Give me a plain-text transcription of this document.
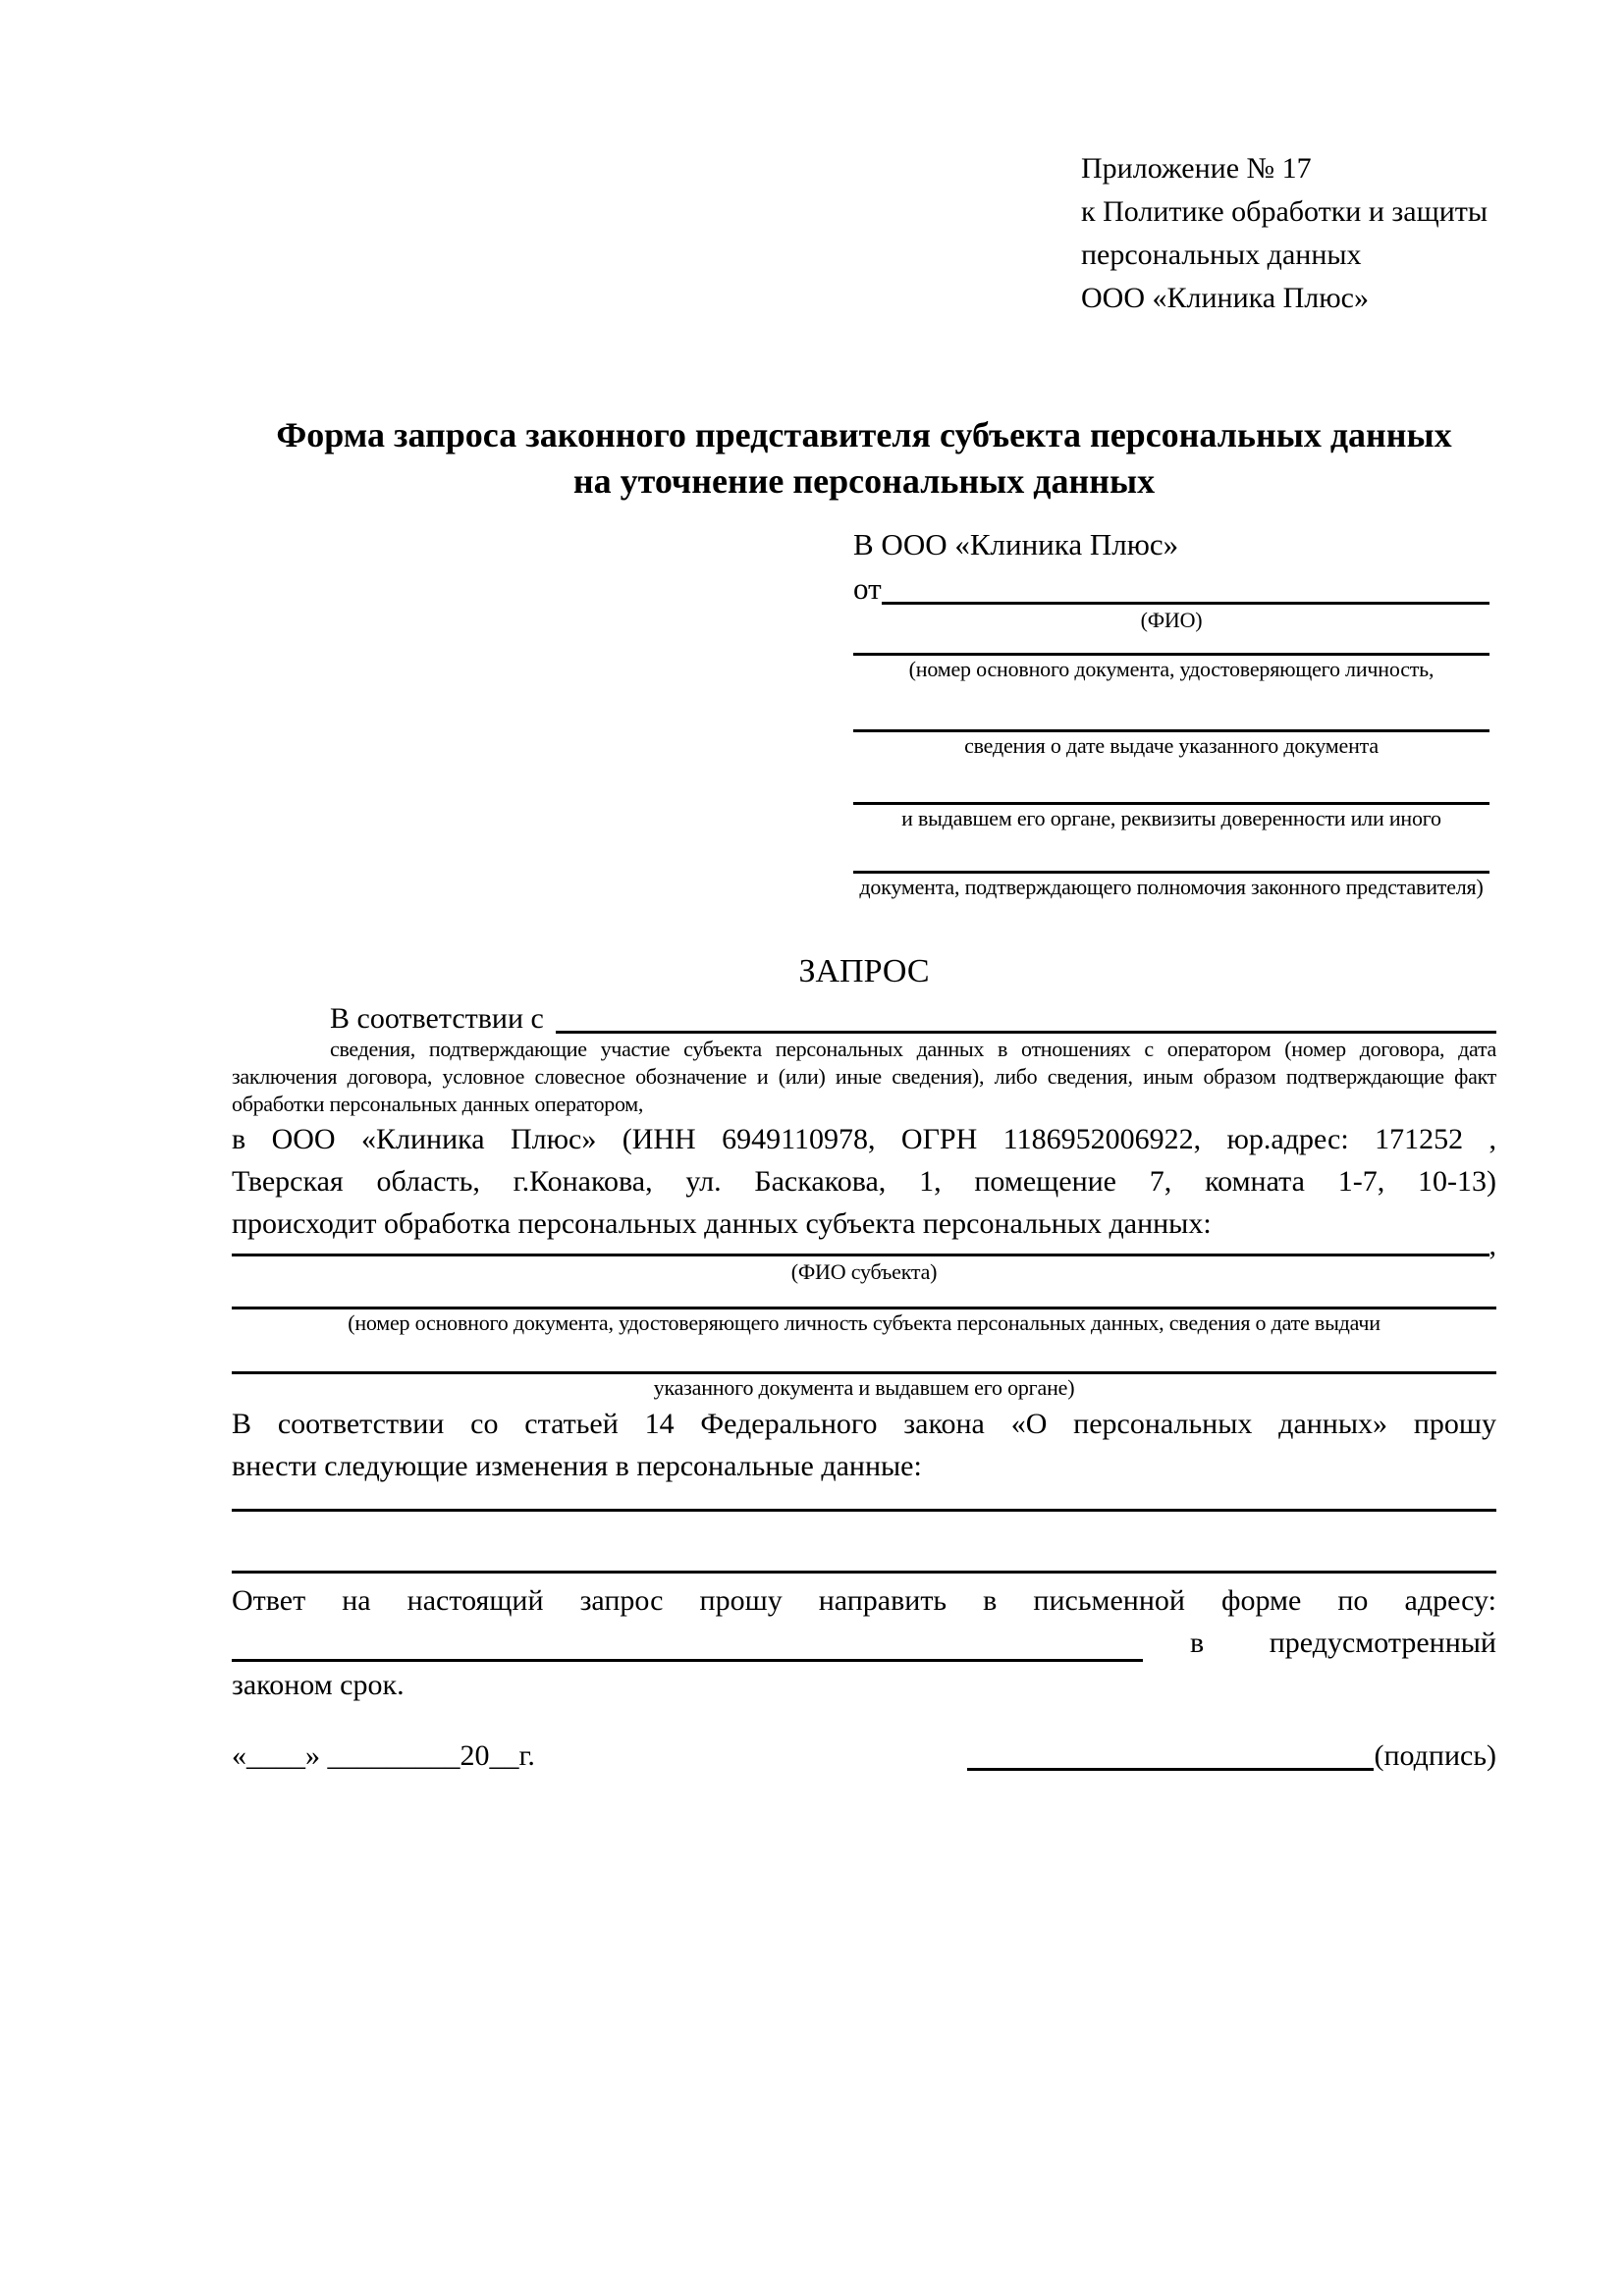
Приложение № 17
к Политике обработки и защиты
персональных данных
ООО «Клиника Плюс»
Форма запроса законного представителя субъекта персональных данных
на уточнение персональных данных
В ООО «Клиника Плюс»
от
(ФИО)
(номер основного документа, удостоверяющего личность,
сведения о дате выдаче указанного документа
и выдавшем его органе, реквизиты доверенности или иного
документа, подтверждающего полномочия законного представителя)
ЗАПРОС
В соответствии с
сведения, подтверждающие участие субъекта персональных данных в отношениях с оператором (номер договора, дата
заключения договора, условное словесное обозначение и (или) иные сведения), либо сведения, иным образом подтверждающие факт
обработки персональных данных оператором,
в ООО «Клиника Плюс» (ИНН 6949110978, ОГРН 1186952006922, юр.адрес: 171252 ,
Тверская область, г.Конакова, ул. Баскакова, 1, помещение 7, комната 1-7, 10-13)
происходит обработка персональных данных субъекта персональных данных:
,
(ФИО субъекта)
(номер основного документа, удостоверяющего личность субъекта персональных данных, сведения о дате выдачи
указанного документа и выдавшем его органе)
В соответствии со статьей 14 Федерального закона «О персональных данных» прошу
внести следующие изменения в персональные данные:
Ответ на настоящий запрос прошу направить в письменной форме по адресу:
в предусмотренный
законом срок.
«____» _________20__г.	(подпись)
